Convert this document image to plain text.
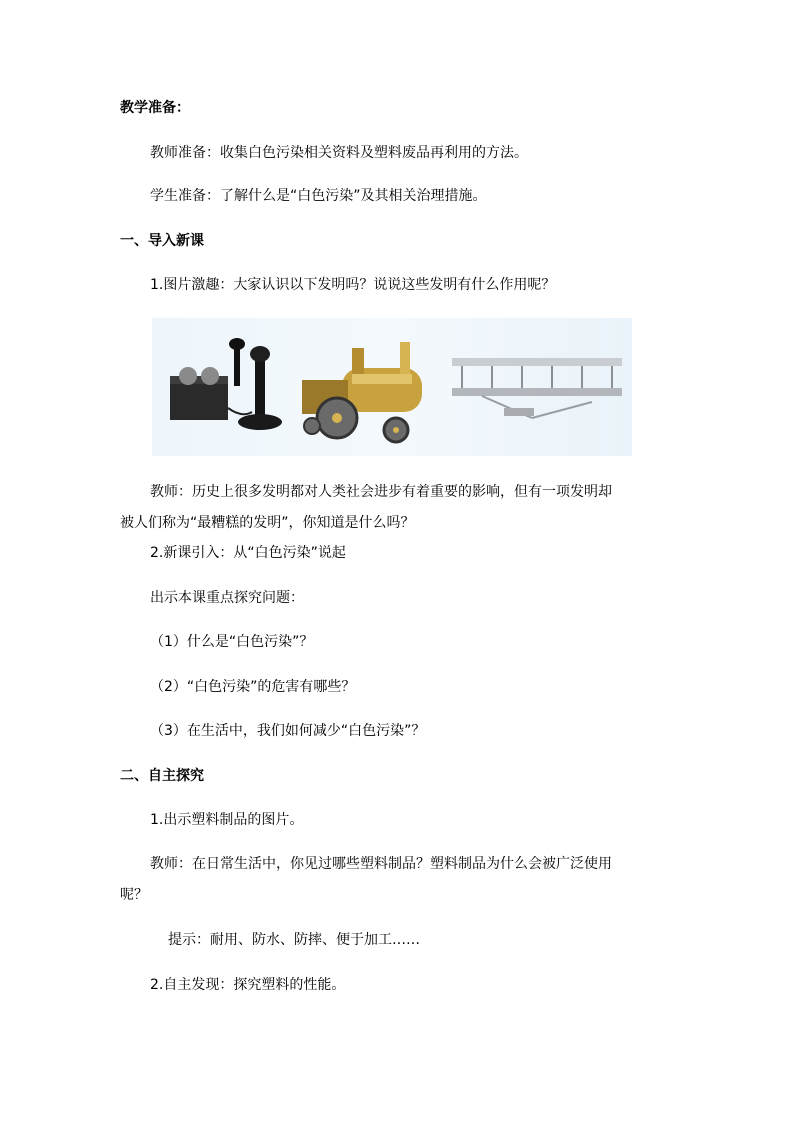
教学准备：
教师准备：收集白色污染相关资料及塑料废品再利用的方法。
学生准备：了解什么是“白色污染”及其相关治理措施。
一、导入新课
1.图片激趣：大家认识以下发明吗？说说这些发明有什么作用呢？
教师：历史上很多发明都对人类社会进步有着重要的影响，但有一项发明却
被人们称为“最糟糕的发明”，你知道是什么吗？
2.新课引入：从“白色污染”说起
出示本课重点探究问题：
（1）什么是“白色污染”？
（2）“白色污染”的危害有哪些？
（3）在生活中，我们如何减少“白色污染”？
二、自主探究
1.出示塑料制品的图片。
教师：在日常生活中，你见过哪些塑料制品？塑料制品为什么会被广泛使用
呢？
提示：耐用、防水、防摔、便于加工……
2.自主发现：探究塑料的性能。
